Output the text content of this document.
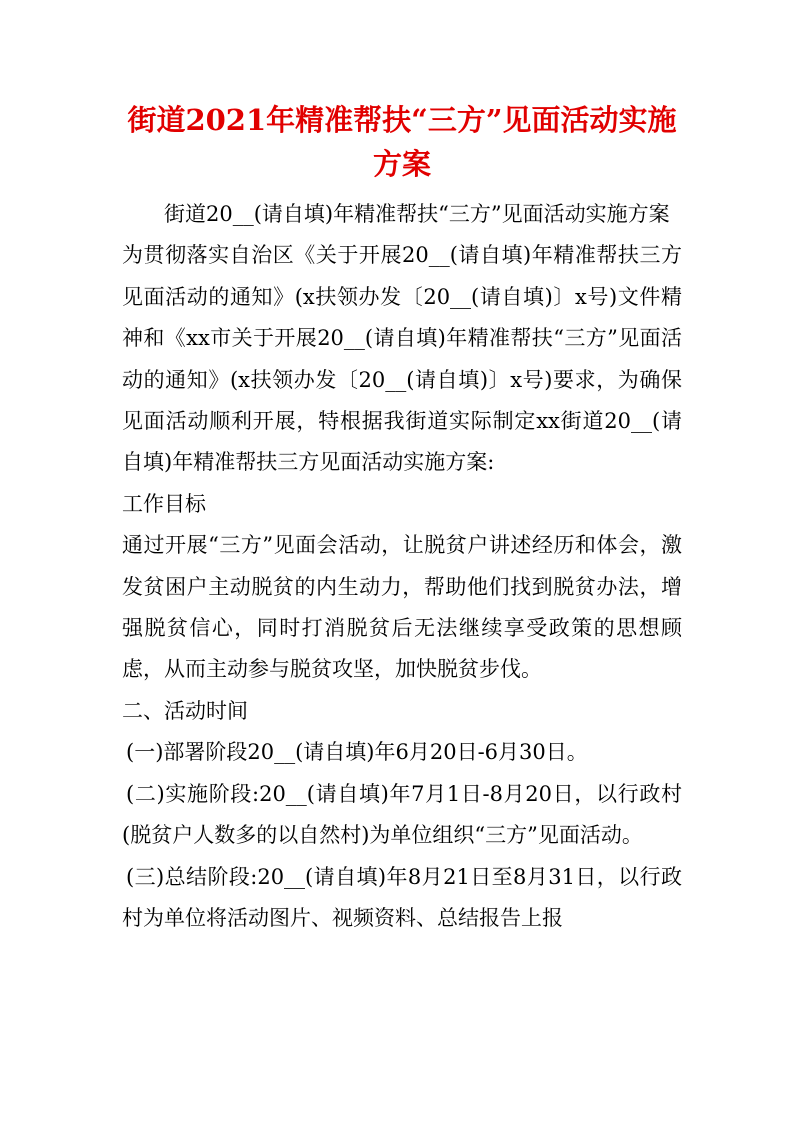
街道2021年精准帮扶“三方”见面活动实施方案

街道20__(请自填)年精准帮扶“三方”见面活动实施方案

为贯彻落实自治区《关于开展20__(请自填)年精准帮扶三方见面活动的通知》(x扶领办发〔20__(请自填)〕x号)文件精神和《xx市关于开展20__(请自填)年精准帮扶“三方”见面活动的通知》(x扶领办发〔20__(请自填)〕x号)要求，为确保见面活动顺利开展，特根据我街道实际制定xx街道20__(请自填)年精准帮扶三方见面活动实施方案:

工作目标

通过开展“三方”见面会活动，让脱贫户讲述经历和体会，激发贫困户主动脱贫的内生动力，帮助他们找到脱贫办法，增强脱贫信心，同时打消脱贫后无法继续享受政策的思想顾虑，从而主动参与脱贫攻坚，加快脱贫步伐。

二、活动时间

(一)部署阶段20__(请自填)年6月20日-6月30日。

(二)实施阶段:20__(请自填)年7月1日-8月20日，以行政村(脱贫户人数多的以自然村)为单位组织“三方”见面活动。

(三)总结阶段:20__(请自填)年8月21日至8月31日，以行政村为单位将活动图片、视频资料、总结报告上报
